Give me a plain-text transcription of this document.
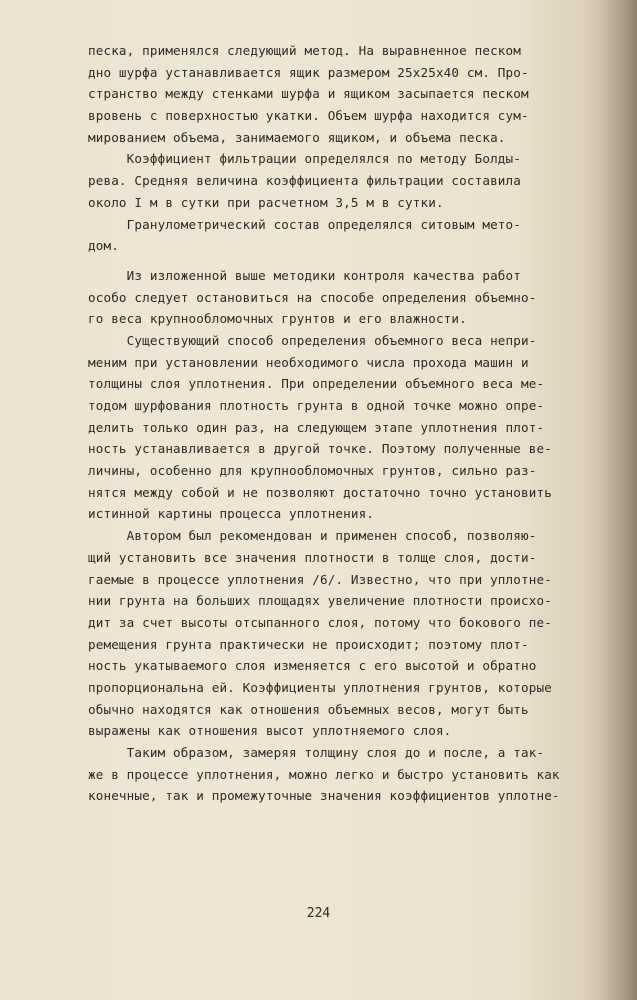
песка, применялся следующий метод. На выравненное песком
дно шурфа устанавливается ящик размером 25x25x40 см. Про-
странство между стенками шурфа и ящиком засыпается песком
вровень с поверхностью укатки. Объем шурфа находится сум-
мированием объема, занимаемого ящиком, и объема песка.
Коэффициент фильтрации определялся по методу Болды-
рева. Средняя величина коэффициента фильтрации составила
около I м в сутки при расчетном 3,5 м в сутки.
Гранулометрический состав определялся ситовым мето-
дом.
Из изложенной выше методики контроля качества работ
особо следует остановиться на способе определения объемно-
го веса крупнообломочных грунтов и его влажности.
Существующий способ определения объемного веса непри-
меним при установлении необходимого числа прохода машин и
толщины слоя уплотнения. При определении объемного веса ме-
тодом шурфования плотность грунта в одной точке можно опре-
делить только один раз, на следующем этапе уплотнения плот-
ность устанавливается в другой точке. Поэтому полученные ве-
личины, особенно для крупнообломочных грунтов, сильно раз-
нятся между собой и не позволяют достаточно точно установить
истинной картины процесса уплотнения.
Автором был рекомендован и применен способ, позволяю-
щий установить все значения плотности в толще слоя, дости-
гаемые в процессе уплотнения /6/. Известно, что при уплотне-
нии грунта на больших площадях увеличение плотности происхо-
дит за счет высоты отсыпанного слоя, потому что бокового пе-
ремещения грунта практически не происходит; поэтому плот-
ность укатываемого слоя изменяется с его высотой и обратно
пропорциональна ей. Коэффициенты уплотнения грунтов, которые
обычно находятся как отношения объемных весов, могут быть
выражены как отношения высот уплотняемого слоя.
Таким образом, замеряя толщину слоя до и после, а так-
же в процессе уплотнения, можно легко и быстро установить как
конечные, так и промежуточные значения коэффициентов уплотне-
224
